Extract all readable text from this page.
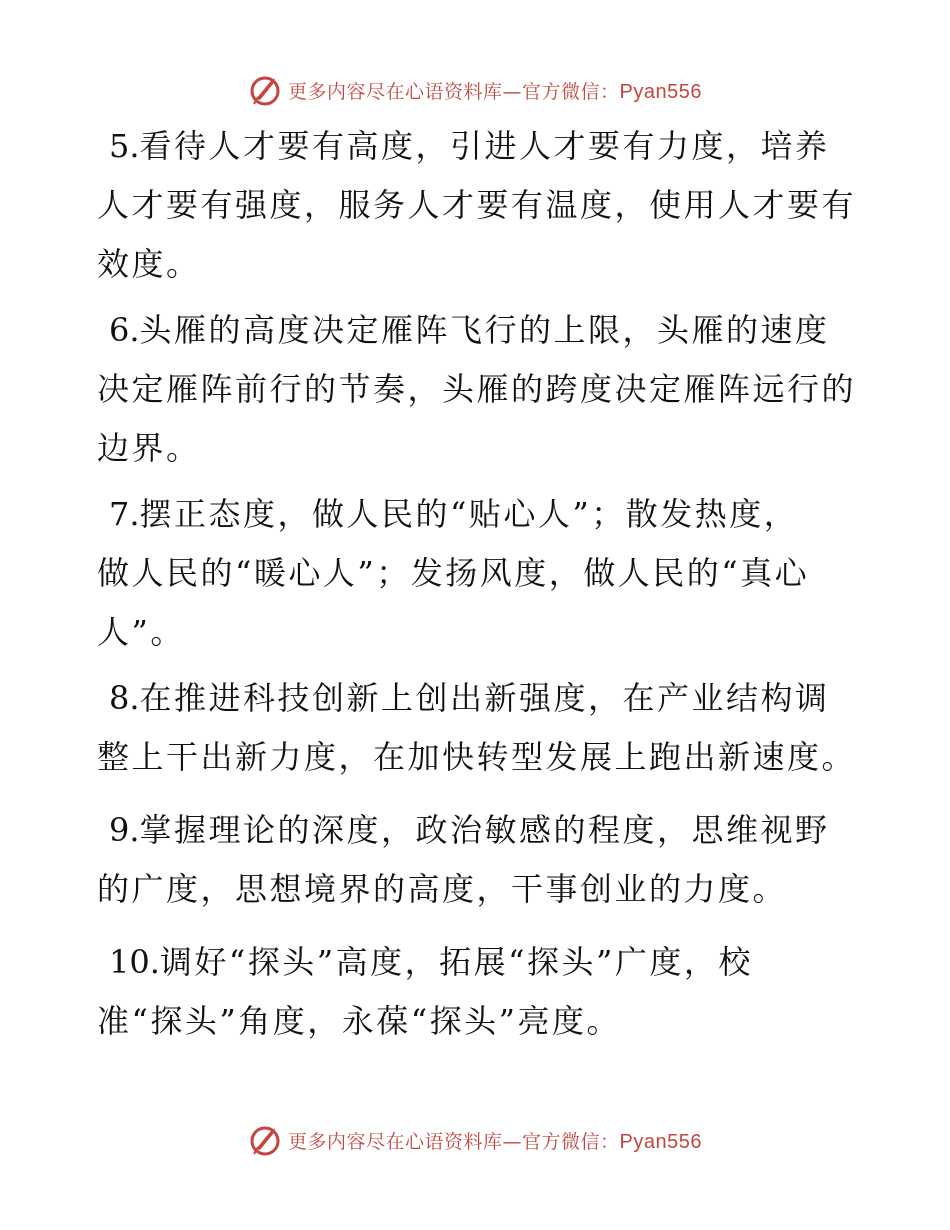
更多内容尽在心语资料库—官方微信：Pyan556

5.看待人才要有高度，引进人才要有力度，培养

人才要有强度，服务人才要有温度，使用人才要有

效度。

6.头雁的高度决定雁阵飞行的上限，头雁的速度

决定雁阵前行的节奏，头雁的跨度决定雁阵远行的

边界。

7.摆正态度，做人民的“贴心人”；散发热度，

做人民的“暖心人”；发扬风度，做人民的“真心

人”。

8.在推进科技创新上创出新强度，在产业结构调

整上干出新力度，在加快转型发展上跑出新速度。

9.掌握理论的深度，政治敏感的程度，思维视野

的广度，思想境界的高度，干事创业的力度。

10.调好“探头”高度，拓展“探头”广度，校

准“探头”角度，永葆“探头”亮度。

更多内容尽在心语资料库—官方微信：Pyan556
